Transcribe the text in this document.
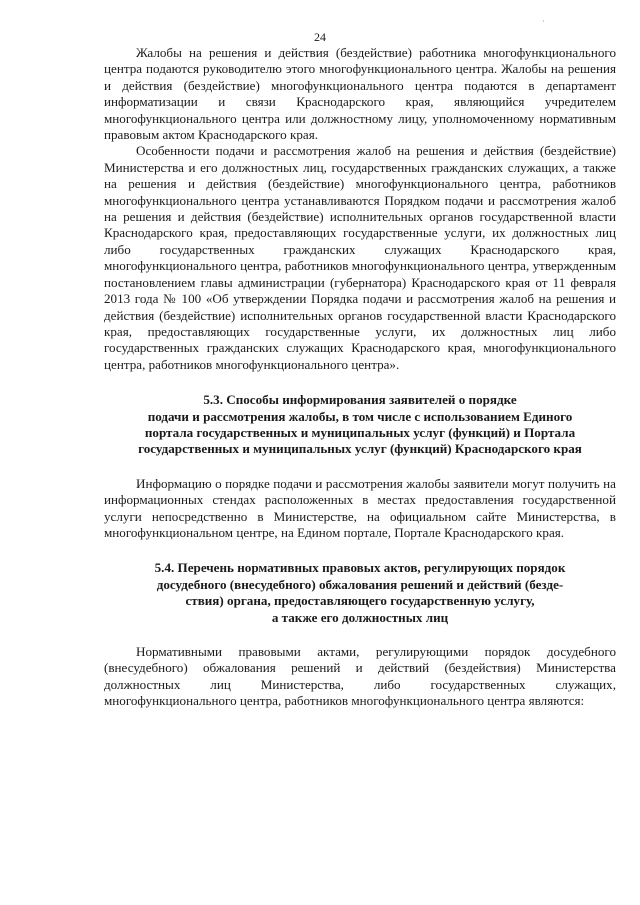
·
24

Жалобы на решения и действия (бездействие) работника многофункционального центра подаются руководителю этого многофункционального центра. Жалобы на решения и действия (бездействие) многофункционального центра подаются в департамент информатизации и связи Краснодарского края, являющийся учредителем многофункционального центра или должностному лицу, уполномоченному нормативным правовым актом Краснодарского края.

Особенности подачи и рассмотрения жалоб на решения и действия (бездействие) Министерства и его должностных лиц, государственных гражданских служащих, а также на решения и действия (бездействие) многофункционального центра, работников многофункционального центра устанавливаются Порядком подачи и рассмотрения жалоб на решения и действия (бездействие) исполнительных органов государственной власти Краснодарского края, предоставляющих государственные услуги, их должностных лиц либо государственных гражданских служащих Краснодарского края, многофункционального центра, работников многофункционального центра, утвержденным постановлением главы администрации (губернатора) Краснодарского края от 11 февраля 2013 года № 100 «Об утверждении Порядка подачи и рассмотрения жалоб на решения и действия (бездействие) исполнительных органов государственной власти Краснодарского края, предоставляющих государственные услуги, их должностных лиц либо государственных гражданских служащих Краснодарского края, многофункционального центра, работников многофункционального центра».

5.3. Способы информирования заявителей о порядке
подачи и рассмотрения жалобы, в том числе с использованием Единого
портала государственных и муниципальных услуг (функций) и Портала
государственных и муниципальных услуг (функций) Краснодарского края

Информацию о порядке подачи и рассмотрения жалобы заявители могут получить на информационных стендах расположенных в местах предоставления государственной услуги непосредственно в Министерстве, на официальном сайте Министерства, в многофункциональном центре, на Едином портале, Портале Краснодарского края.

5.4. Перечень нормативных правовых актов, регулирующих порядок
досудебного (внесудебного) обжалования решений и действий (безде-
ствия) органа, предоставляющего государственную услугу,
а также его должностных лиц

Нормативными правовыми актами, регулирующими порядок досудебного (внесудебного) обжалования решений и действий (бездействия) Министерства должностных лиц Министерства, либо государственных служащих, многофункционального центра, работников многофункционального центра являются:
